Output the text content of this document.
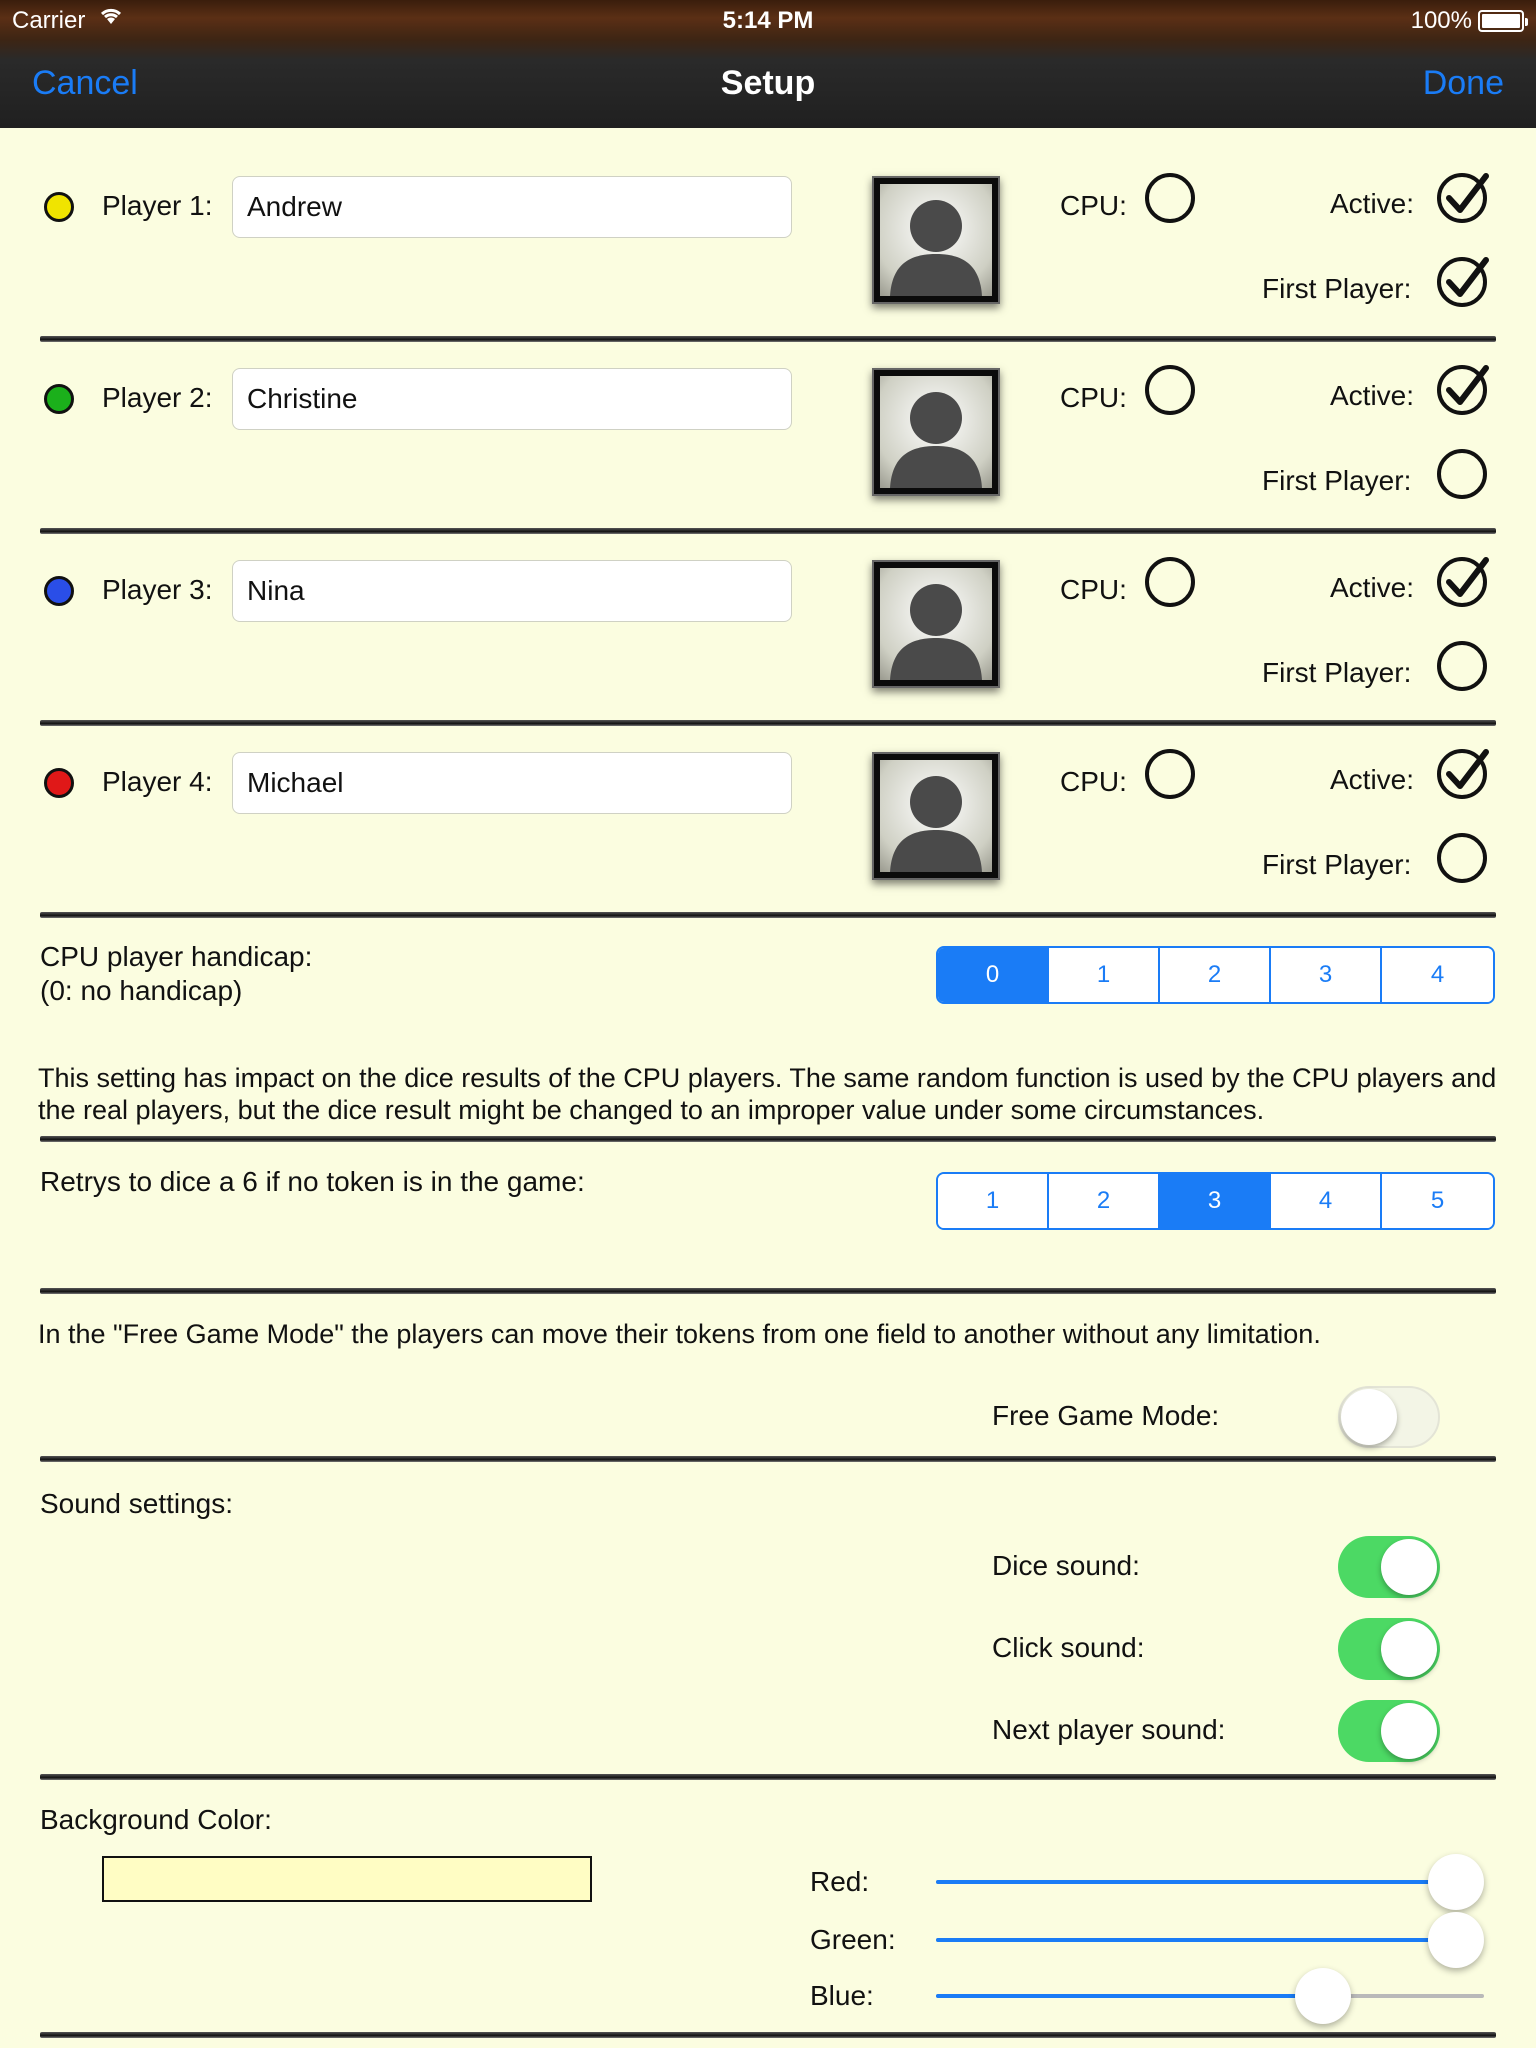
Carrier	5:14 PM	100%
Cancel	Setup	Done
Player 1:
Andrew	CPU:	Active:
First Player:
Player 2:
Christine	CPU:	Active:
First Player:
Player 3:
Nina	CPU:	Active:
First Player:
Player 4:
Michael	CPU:	Active:
First Player:
CPU player handicap:
(0: no handicap)
0	1	2	3	4
This setting has impact on the dice results of the CPU players. The same random function is used by the CPU players and the real players, but the dice result might be changed to an improper value under some circumstances.
Retrys to dice a 6 if no token is in the game:
1	2	3	4	5
In the "Free Game Mode" the players can move their tokens from one field to another without any limitation.
Free Game Mode:
Sound settings:
Dice sound:
Click sound:
Next player sound:
Background Color:
Red:
Green:
Blue:
